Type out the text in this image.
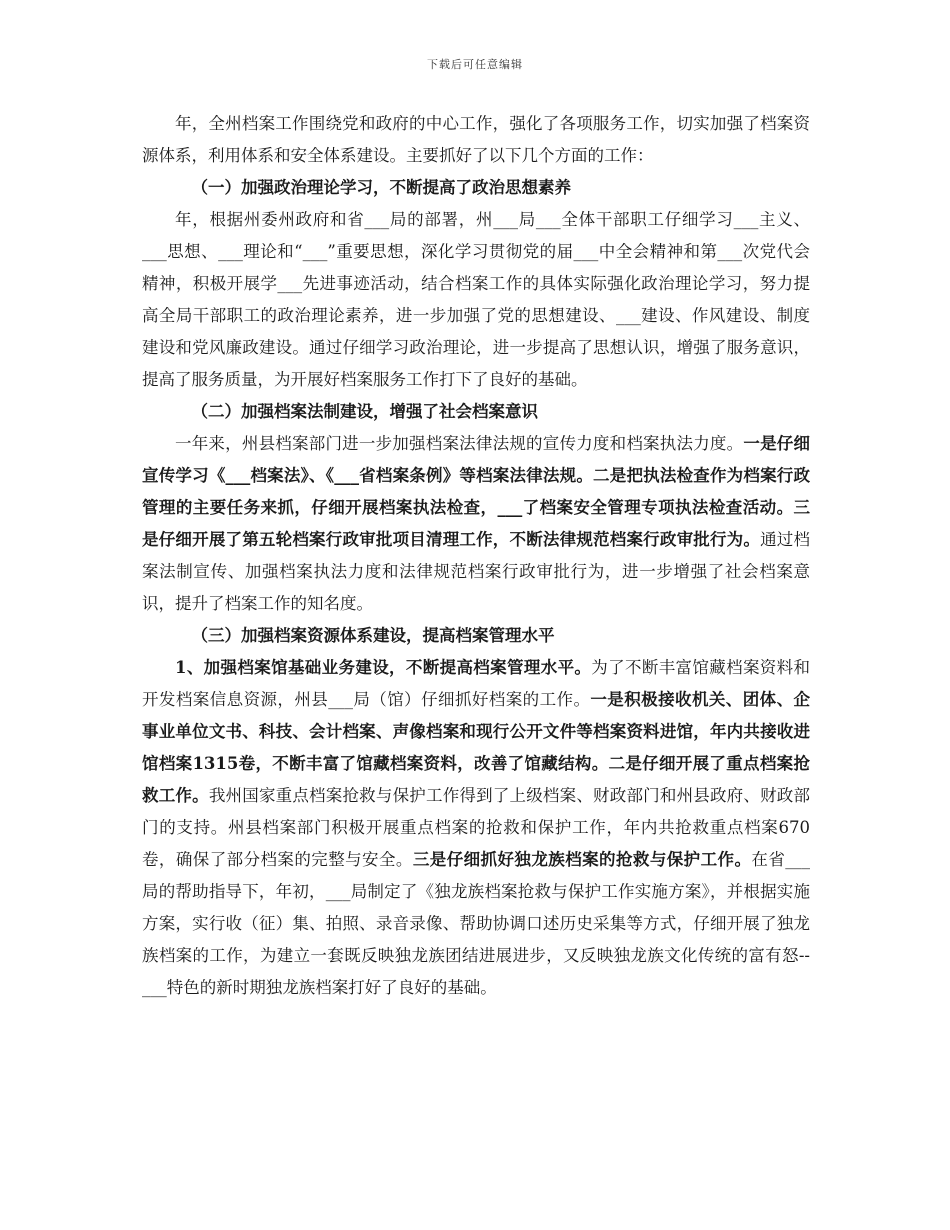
下载后可任意编辑

年，全州档案工作围绕党和政府的中心工作，强化了各项服务工作，切实加强了档案资源体系，利用体系和安全体系建设。主要抓好了以下几个方面的工作：

（一）加强政治理论学习，不断提高了政治思想素养

年，根据州委州政府和省___局的部署，州___局___全体干部职工仔细学习___主义、___思想、___理论和“___”重要思想，深化学习贯彻党的届___中全会精神和第___次党代会精神，积极开展学___先进事迹活动，结合档案工作的具体实际强化政治理论学习，努力提高全局干部职工的政治理论素养，进一步加强了党的思想建设、___建设、作风建设、制度建设和党风廉政建设。通过仔细学习政治理论，进一步提高了思想认识，增强了服务意识，提高了服务质量，为开展好档案服务工作打下了良好的基础。

（二）加强档案法制建设，增强了社会档案意识

一年来，州县档案部门进一步加强档案法律法规的宣传力度和档案执法力度。一是仔细宣传学习《___档案法》、《___省档案条例》等档案法律法规。二是把执法检查作为档案行政管理的主要任务来抓，仔细开展档案执法检查，___了档案安全管理专项执法检查活动。三是仔细开展了第五轮档案行政审批项目清理工作，不断法律规范档案行政审批行为。通过档案法制宣传、加强档案执法力度和法律规范档案行政审批行为，进一步增强了社会档案意识，提升了档案工作的知名度。

（三）加强档案资源体系建设，提高档案管理水平

1、加强档案馆基础业务建设，不断提高档案管理水平。为了不断丰富馆藏档案资料和开发档案信息资源，州县___局（馆）仔细抓好档案的工作。一是积极接收机关、团体、企事业单位文书、科技、会计档案、声像档案和现行公开文件等档案资料进馆，年内共接收进馆档案1315卷，不断丰富了馆藏档案资料，改善了馆藏结构。二是仔细开展了重点档案抢救工作。我州国家重点档案抢救与保护工作得到了上级档案、财政部门和州县政府、财政部门的支持。州县档案部门积极开展重点档案的抢救和保护工作，年内共抢救重点档案670卷，确保了部分档案的完整与安全。三是仔细抓好独龙族档案的抢救与保护工作。在省___局的帮助指导下，年初，___局制定了《独龙族档案抢救与保护工作实施方案》，并根据实施方案，实行收（征）集、拍照、录音录像、帮助协调口述历史采集等方式，仔细开展了独龙族档案的工作，为建立一套既反映独龙族团结进展进步，又反映独龙族文化传统的富有怒--___特色的新时期独龙族档案打好了良好的基础。
